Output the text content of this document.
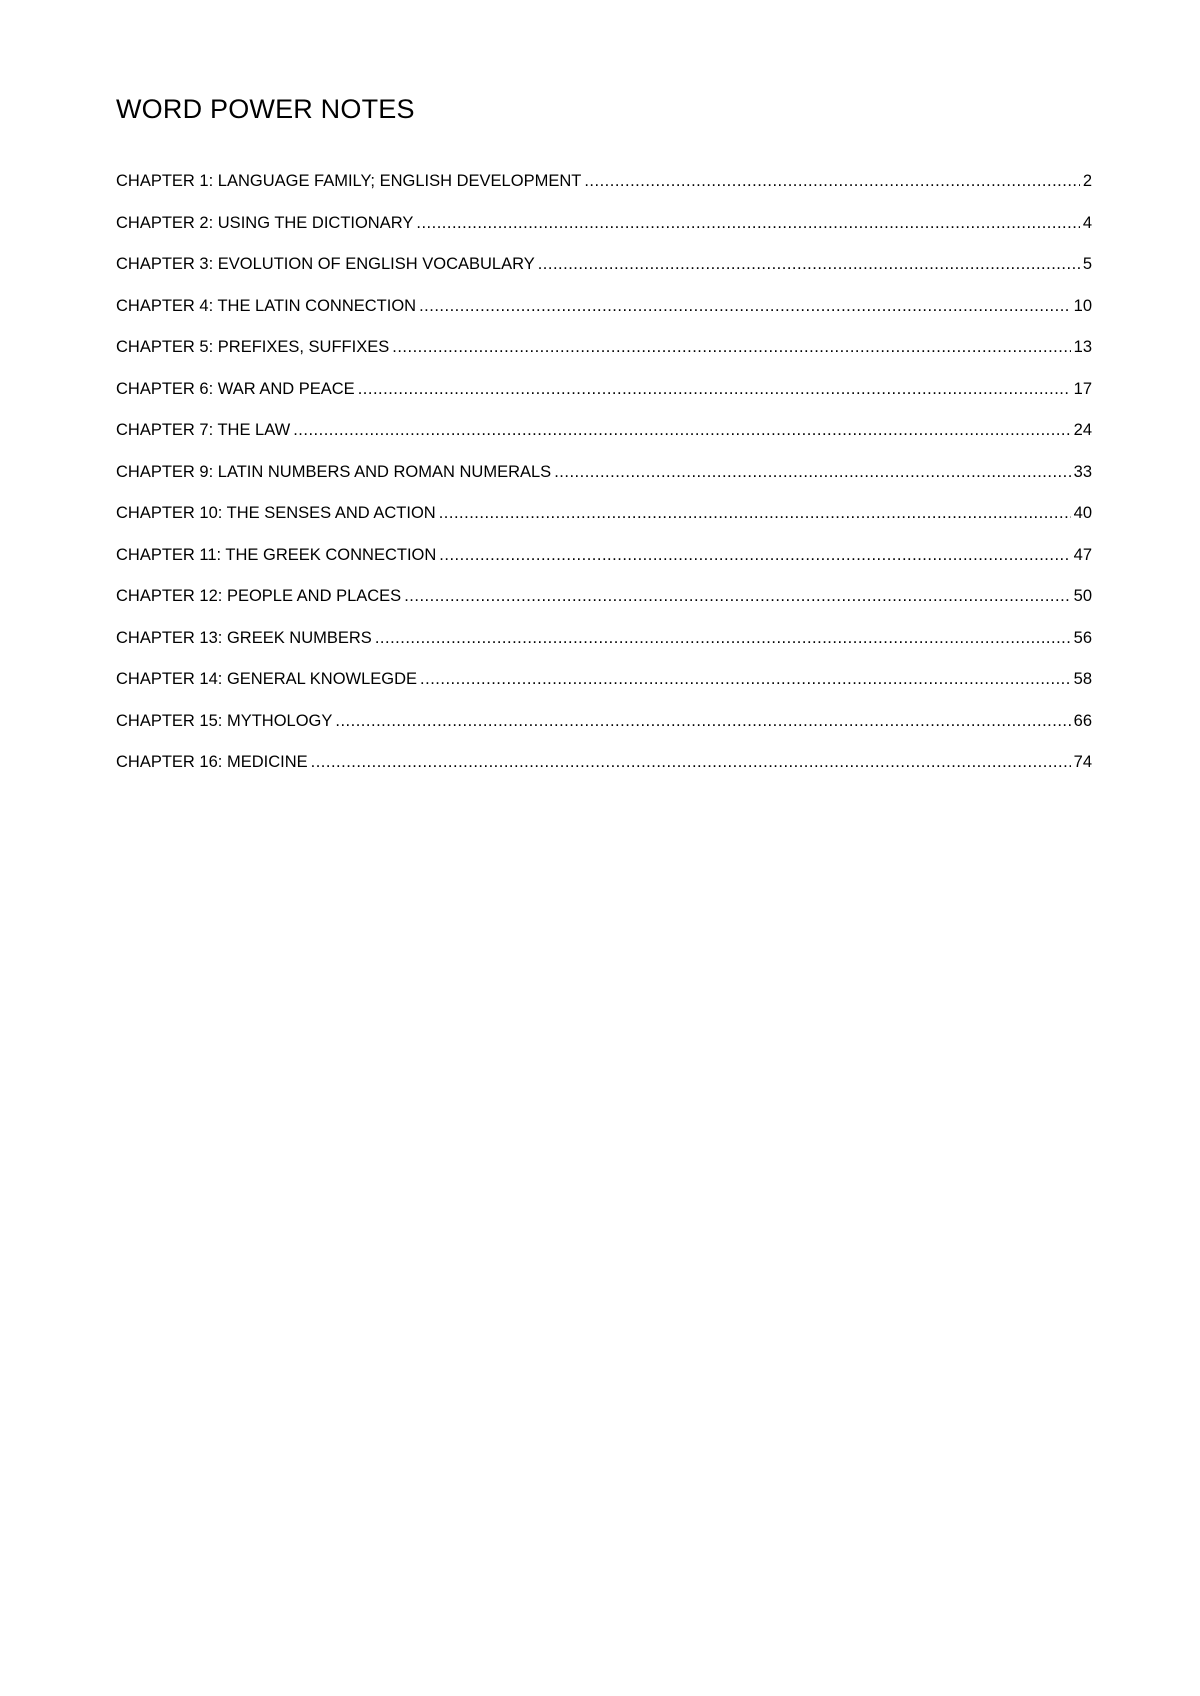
WORD POWER NOTES
CHAPTER 1: LANGUAGE FAMILY; ENGLISH DEVELOPMENT .....	2
CHAPTER 2: USING THE DICTIONARY .....	4
CHAPTER 3: EVOLUTION OF ENGLISH VOCABULARY .....	5
CHAPTER 4: THE LATIN CONNECTION .....	10
CHAPTER 5: PREFIXES, SUFFIXES .....	13
CHAPTER 6: WAR AND PEACE .....	17
CHAPTER 7: THE LAW .....	24
CHAPTER 9: LATIN NUMBERS AND ROMAN NUMERALS .....	33
CHAPTER 10: THE SENSES AND ACTION .....	40
CHAPTER 11: THE GREEK CONNECTION .....	47
CHAPTER 12: PEOPLE AND PLACES .....	50
CHAPTER 13: GREEK NUMBERS .....	56
CHAPTER 14: GENERAL KNOWLEGDE .....	58
CHAPTER 15: MYTHOLOGY .....	66
CHAPTER 16: MEDICINE .....	74
